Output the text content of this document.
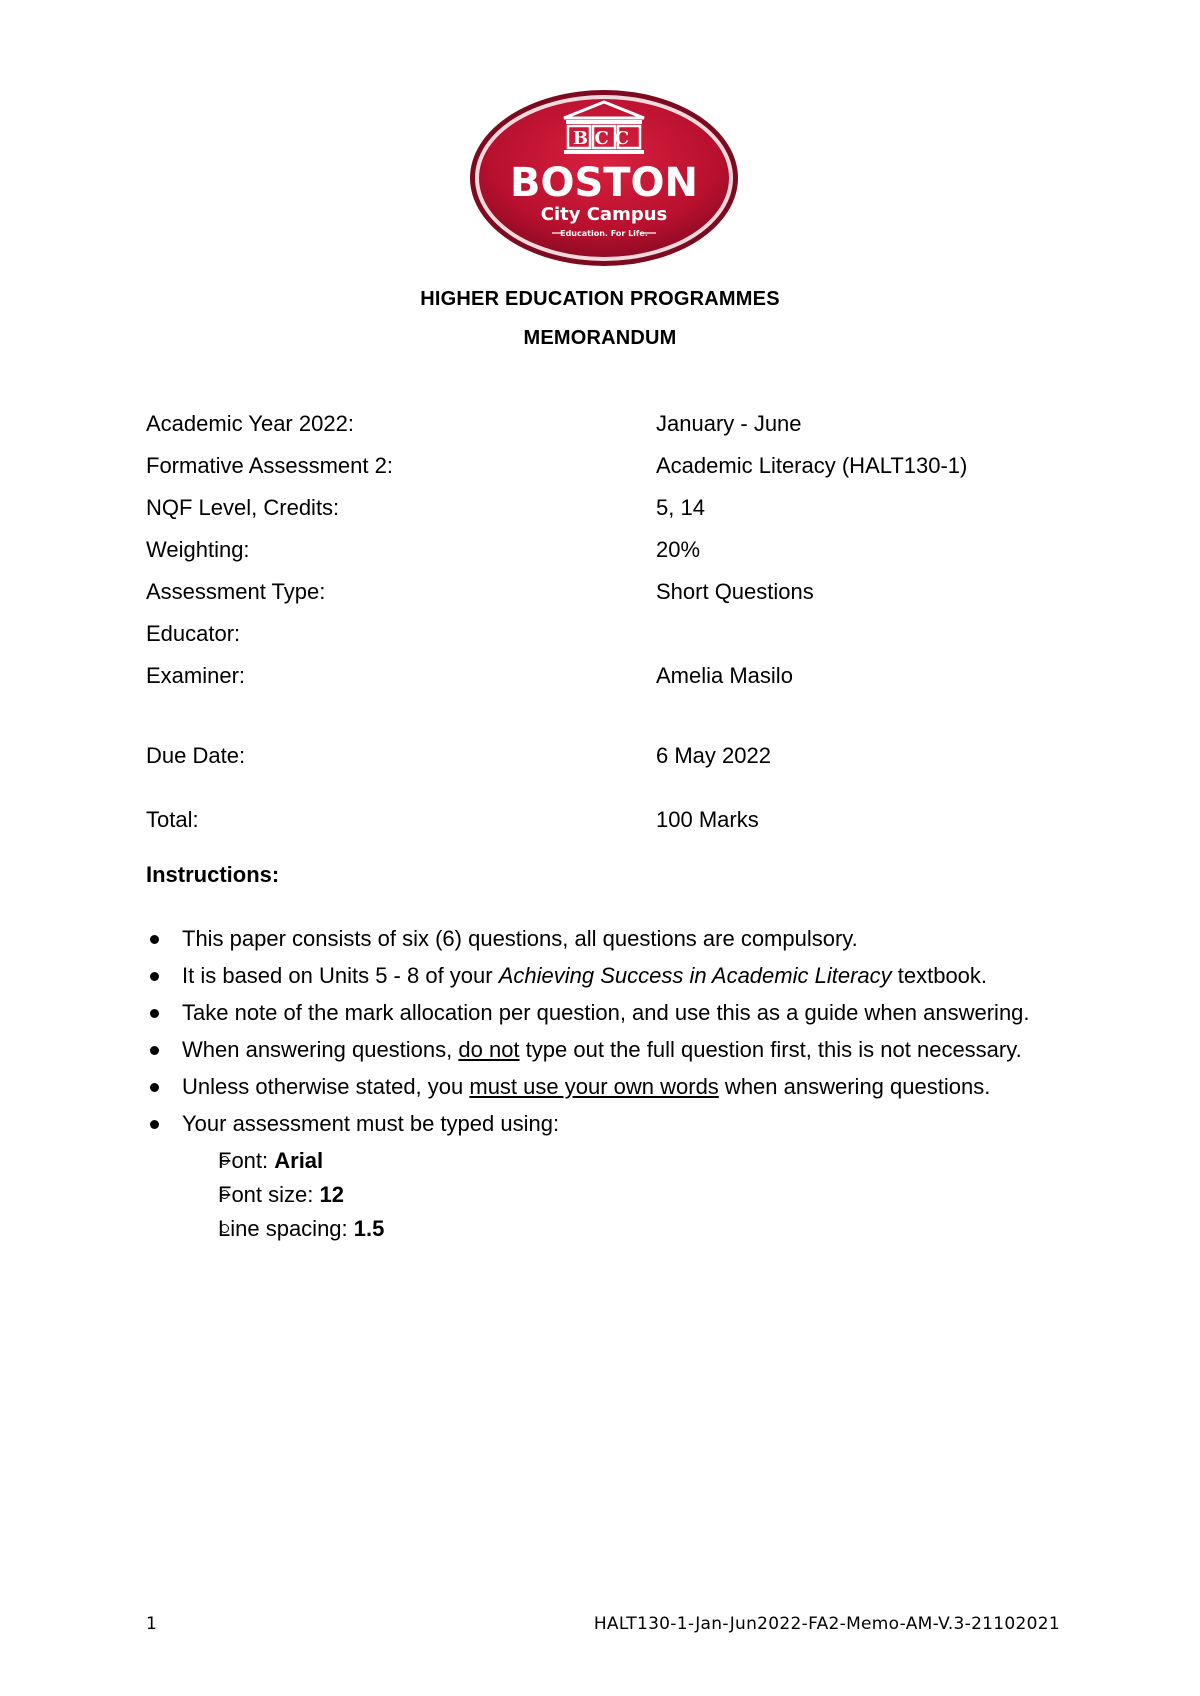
BCC
BOSTON
City Campus
Education. For Life.
HIGHER EDUCATION PROGRAMMES
MEMORANDUM
Academic Year 2022:	January - June
Formative Assessment 2:	Academic Literacy (HALT130-1)
NQF Level, Credits:	5, 14
Weighting:	20%
Assessment Type:	Short Questions
Educator:	
Examiner:	Amelia Masilo

Due Date:	6 May 2022

Total:	100 Marks
Instructions:
This paper consists of six (6) questions, all questions are compulsory.
It is based on Units 5 - 8 of your Achieving Success in Academic Literacy textbook.
Take note of the mark allocation per question, and use this as a guide when answering.
When answering questions, do not type out the full question first, this is not necessary.
Unless otherwise stated, you must use your own words when answering questions.
Your assessment must be typed using:
Font: Arial
Font size: 12
Line spacing: 1.5
1	HALT130-1-Jan-Jun2022-FA2-Memo-AM-V.3-21102021
